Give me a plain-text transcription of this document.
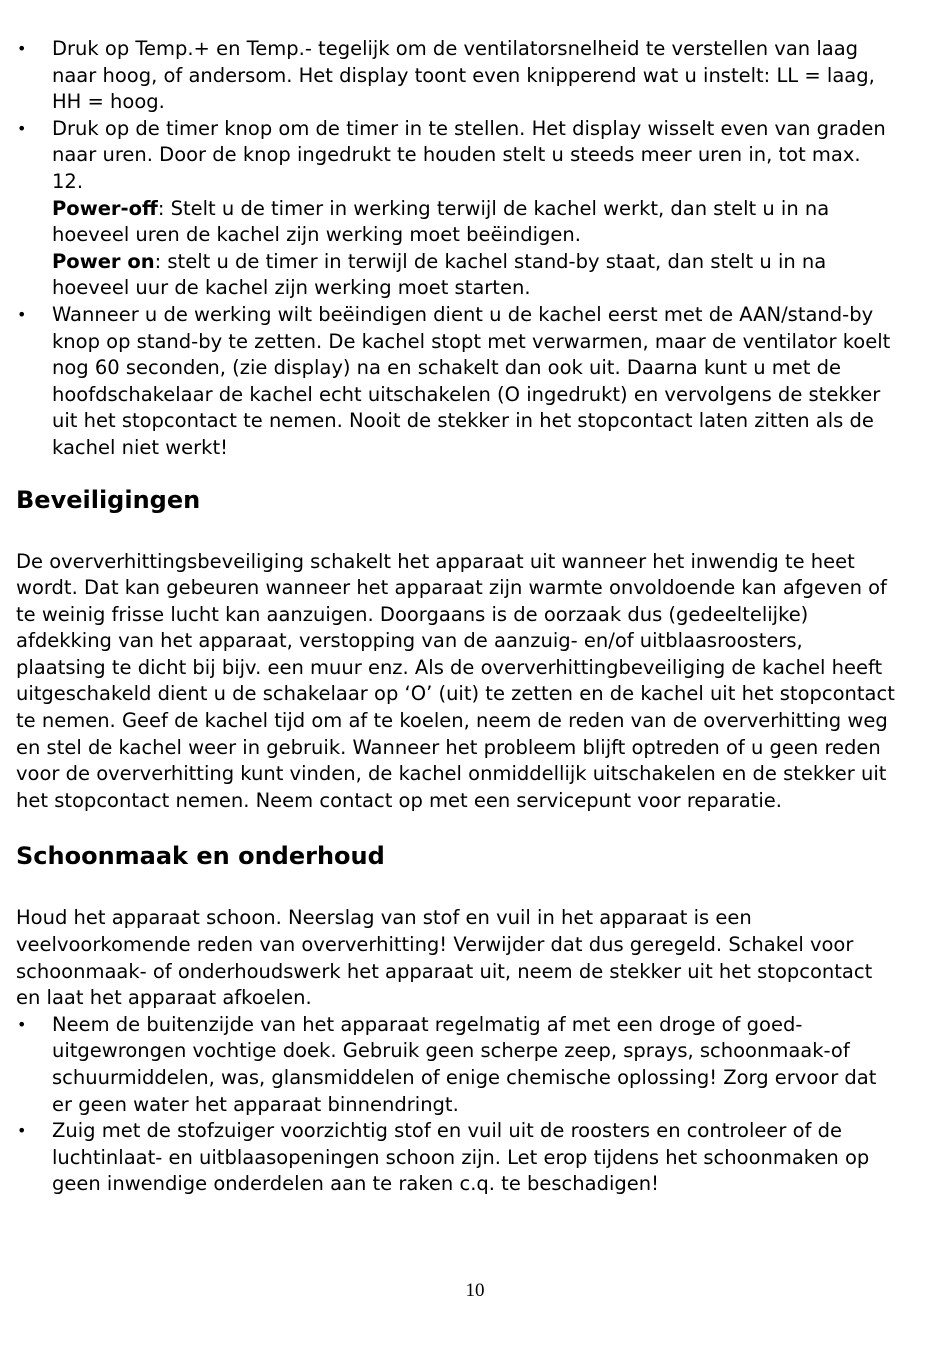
Druk op Temp.+ en Temp.- tegelijk om de ventilatorsnelheid te verstellen van laag naar hoog, of andersom. Het display toont even knipperend wat u instelt: LL = laag, HH = hoog.

Druk op de timer knop om de timer in te stellen. Het display wisselt even van graden naar uren. Door de knop ingedrukt te houden stelt u steeds meer uren in, tot max. 12.

Power-off: Stelt u de timer in werking terwijl de kachel werkt, dan stelt u in na hoeveel uren de kachel zijn werking moet beëindigen.

Power on: stelt u de timer in terwijl de kachel stand-by staat, dan stelt u in na hoeveel uur de kachel zijn werking moet starten.

Wanneer u de werking wilt beëindigen dient u de kachel eerst met de AAN/stand-by knop op stand-by te zetten. De kachel stopt met verwarmen, maar de ventilator koelt nog 60 seconden, (zie display) na en schakelt dan ook uit. Daarna kunt u met de hoofdschakelaar de kachel echt uitschakelen (O ingedrukt) en vervolgens de stekker uit het stopcontact te nemen. Nooit de stekker in het stopcontact laten zitten als de kachel niet werkt!

Beveiligingen

De oververhittingsbeveiliging schakelt het apparaat uit wanneer het inwendig te heet wordt. Dat kan gebeuren wanneer het apparaat zijn warmte onvoldoende kan afgeven of te weinig frisse lucht kan aanzuigen. Doorgaans is de oorzaak dus (gedeeltelijke) afdekking van het apparaat, verstopping van de aanzuig- en/of uitblaasroosters, plaatsing te dicht bij bijv. een muur enz. Als de oververhittingbeveiliging de kachel heeft uitgeschakeld dient u de schakelaar op ‘O’ (uit) te zetten en de kachel uit het stopcontact te nemen. Geef de kachel tijd om af te koelen, neem de reden van de oververhitting weg en stel de kachel weer in gebruik. Wanneer het probleem blijft optreden of u geen reden voor de oververhitting kunt vinden, de kachel onmiddellijk uitschakelen en de stekker uit het stopcontact nemen. Neem contact op met een servicepunt voor reparatie.

Schoonmaak en onderhoud

Houd het apparaat schoon. Neerslag van stof en vuil in het apparaat is een veelvoorkomende reden van oververhitting! Verwijder dat dus geregeld. Schakel voor schoonmaak- of onderhoudswerk het apparaat uit, neem de stekker uit het stopcontact en laat het apparaat afkoelen.

Neem de buitenzijde van het apparaat regelmatig af met een droge of goed-uitgewrongen vochtige doek. Gebruik geen scherpe zeep, sprays, schoonmaak-of schuurmiddelen, was, glansmiddelen of enige chemische oplossing! Zorg ervoor dat er geen water het apparaat binnendringt.

Zuig met de stofzuiger voorzichtig stof en vuil uit de roosters en controleer of de luchtinlaat- en uitblaasopeningen schoon zijn. Let erop tijdens het schoonmaken op geen inwendige onderdelen aan te raken c.q. te beschadigen!

10
